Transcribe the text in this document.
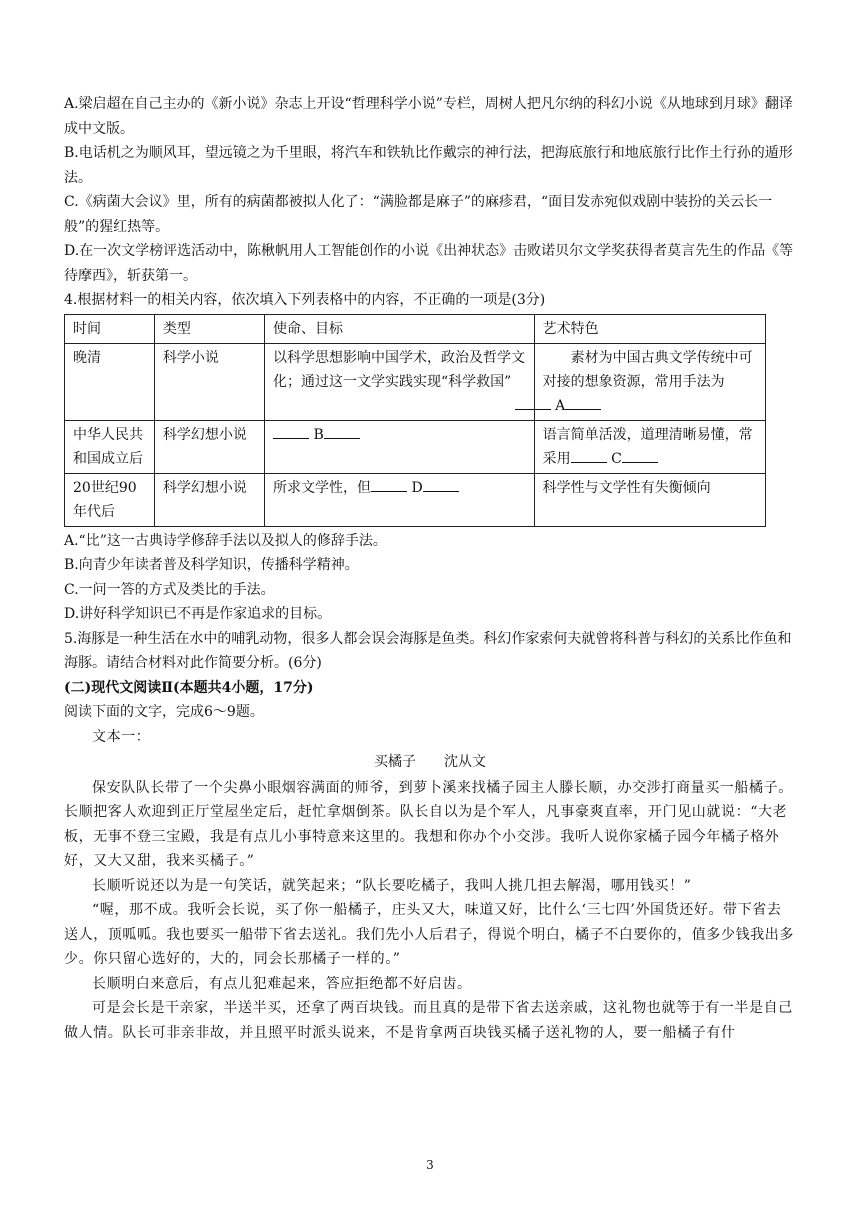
A.梁启超在自己主办的《新小说》杂志上开设“哲理科学小说”专栏，周树人把凡尔纳的科幻小说《从地球到月球》翻译成中文版。

B.电话机之为顺风耳，望远镜之为千里眼，将汽车和铁轨比作戴宗的神行法，把海底旅行和地底旅行比作土行孙的遁形法。

C.《病菌大会议》里，所有的病菌都被拟人化了：“满脸都是麻子”的麻疹君，“面目发赤宛似戏剧中装扮的关云长一般”的猩红热等。

D.在一次文学榜评选活动中，陈楸帆用人工智能创作的小说《出神状态》击败诺贝尔文学奖获得者莫言先生的作品《等待摩西》，斩获第一。

4.根据材料一的相关内容，依次填入下列表格中的内容，不正确的一项是(3分)

时间	类型	使命、目标	艺术特色
晚清	科学小说	以科学思想影响中国学术，政治及哲学文化；通过这一文学实践实现“科学救国”	素材为中国古典文学传统中可对接的想象资源，常用手法为
A
中华人民共和国成立后	科学幻想小说	B	语言简单活泼，道理清晰易懂，常采用 C
20世纪90年代后	科学幻想小说	所求文学性，但 D	科学性与文学性有失衡倾向

A.“比”这一古典诗学修辞手法以及拟人的修辞手法。

B.向青少年读者普及科学知识，传播科学精神。

C.一问一答的方式及类比的手法。

D.讲好科学知识已不再是作家追求的目标。

5.海豚是一种生活在水中的哺乳动物，很多人都会误会海豚是鱼类。科幻作家索何夫就曾将科普与科幻的关系比作鱼和海豚。请结合材料对此作简要分析。(6分)

(二)现代文阅读Ⅱ(本题共4小题，17分)

阅读下面的文字，完成6～9题。

文本一：

买橘子　　沈从文

保安队队长带了一个尖鼻小眼烟容满面的师爷，到萝卜溪来找橘子园主人滕长顺，办交涉打商量买一船橘子。长顺把客人欢迎到正厅堂屋坐定后，赶忙拿烟倒茶。队长自以为是个军人，凡事豪爽直率，开门见山就说：“大老板，无事不登三宝殿，我是有点儿小事特意来这里的。我想和你办个小交涉。我听人说你家橘子园今年橘子格外好，又大又甜，我来买橘子。”

长顺听说还以为是一句笑话，就笑起来；“队长要吃橘子，我叫人挑几担去解渴，哪用钱买！”

“喔，那不成。我听会长说，买了你一船橘子，庄头又大，味道又好，比什么‘三七四’外国货还好。带下省去送人，顶呱呱。我也要买一船带下省去送礼。我们先小人后君子，得说个明白，橘子不白要你的，值多少钱我出多少。你只留心选好的，大的，同会长那橘子一样的。”

长顺明白来意后，有点儿犯难起来，答应拒绝都不好启齿。

可是会长是干亲家，半送半买，还拿了两百块钱。而且真的是带下省去送亲戚，这礼物也就等于有一半是自己做人情。队长可非亲非故，并且照平时派头说来，不是肯拿两百块钱买橘子送礼物的人，要一船橘子有什

3
